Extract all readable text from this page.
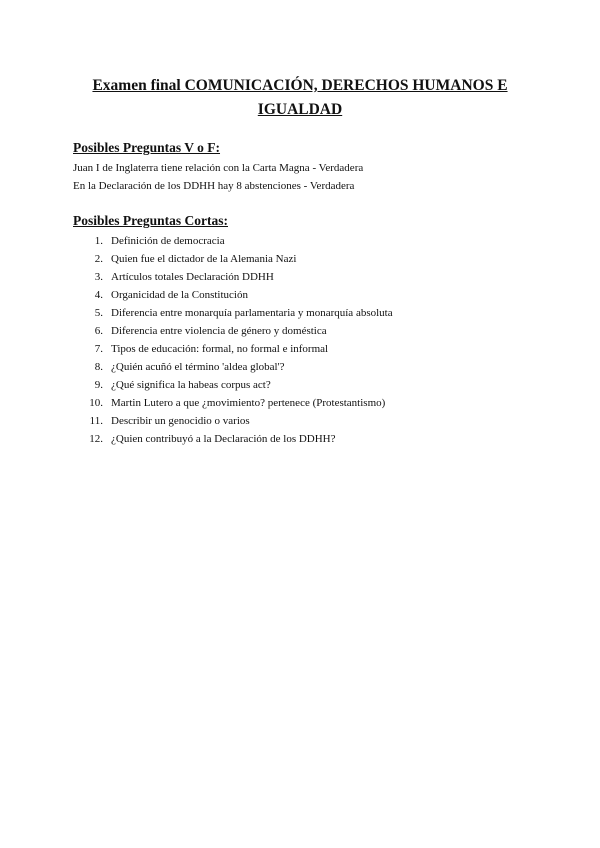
Examen final COMUNICACIÓN, DERECHOS HUMANOS E
IGUALDAD
Posibles Preguntas V o F:
Juan I de Inglaterra tiene relación con la Carta Magna - Verdadera
En la Declaración de los DDHH hay 8 abstenciones - Verdadera
Posibles Preguntas Cortas:
1. Definición de democracia
2. Quien fue el dictador de la Alemania Nazi
3. Artículos totales Declaración DDHH
4. Organicidad de la Constitución
5. Diferencia entre monarquía parlamentaria y monarquía absoluta
6. Diferencia entre violencia de género y doméstica
7. Tipos de educación: formal, no formal e informal
8. ¿Quién acuñó el término 'aldea global'?
9. ¿Qué significa la habeas corpus act?
10. Martin Lutero a que ¿movimiento? pertenece (Protestantismo)
11. Describir un genocidio o varios
12. ¿Quien contribuyó a la Declaración de los DDHH?
